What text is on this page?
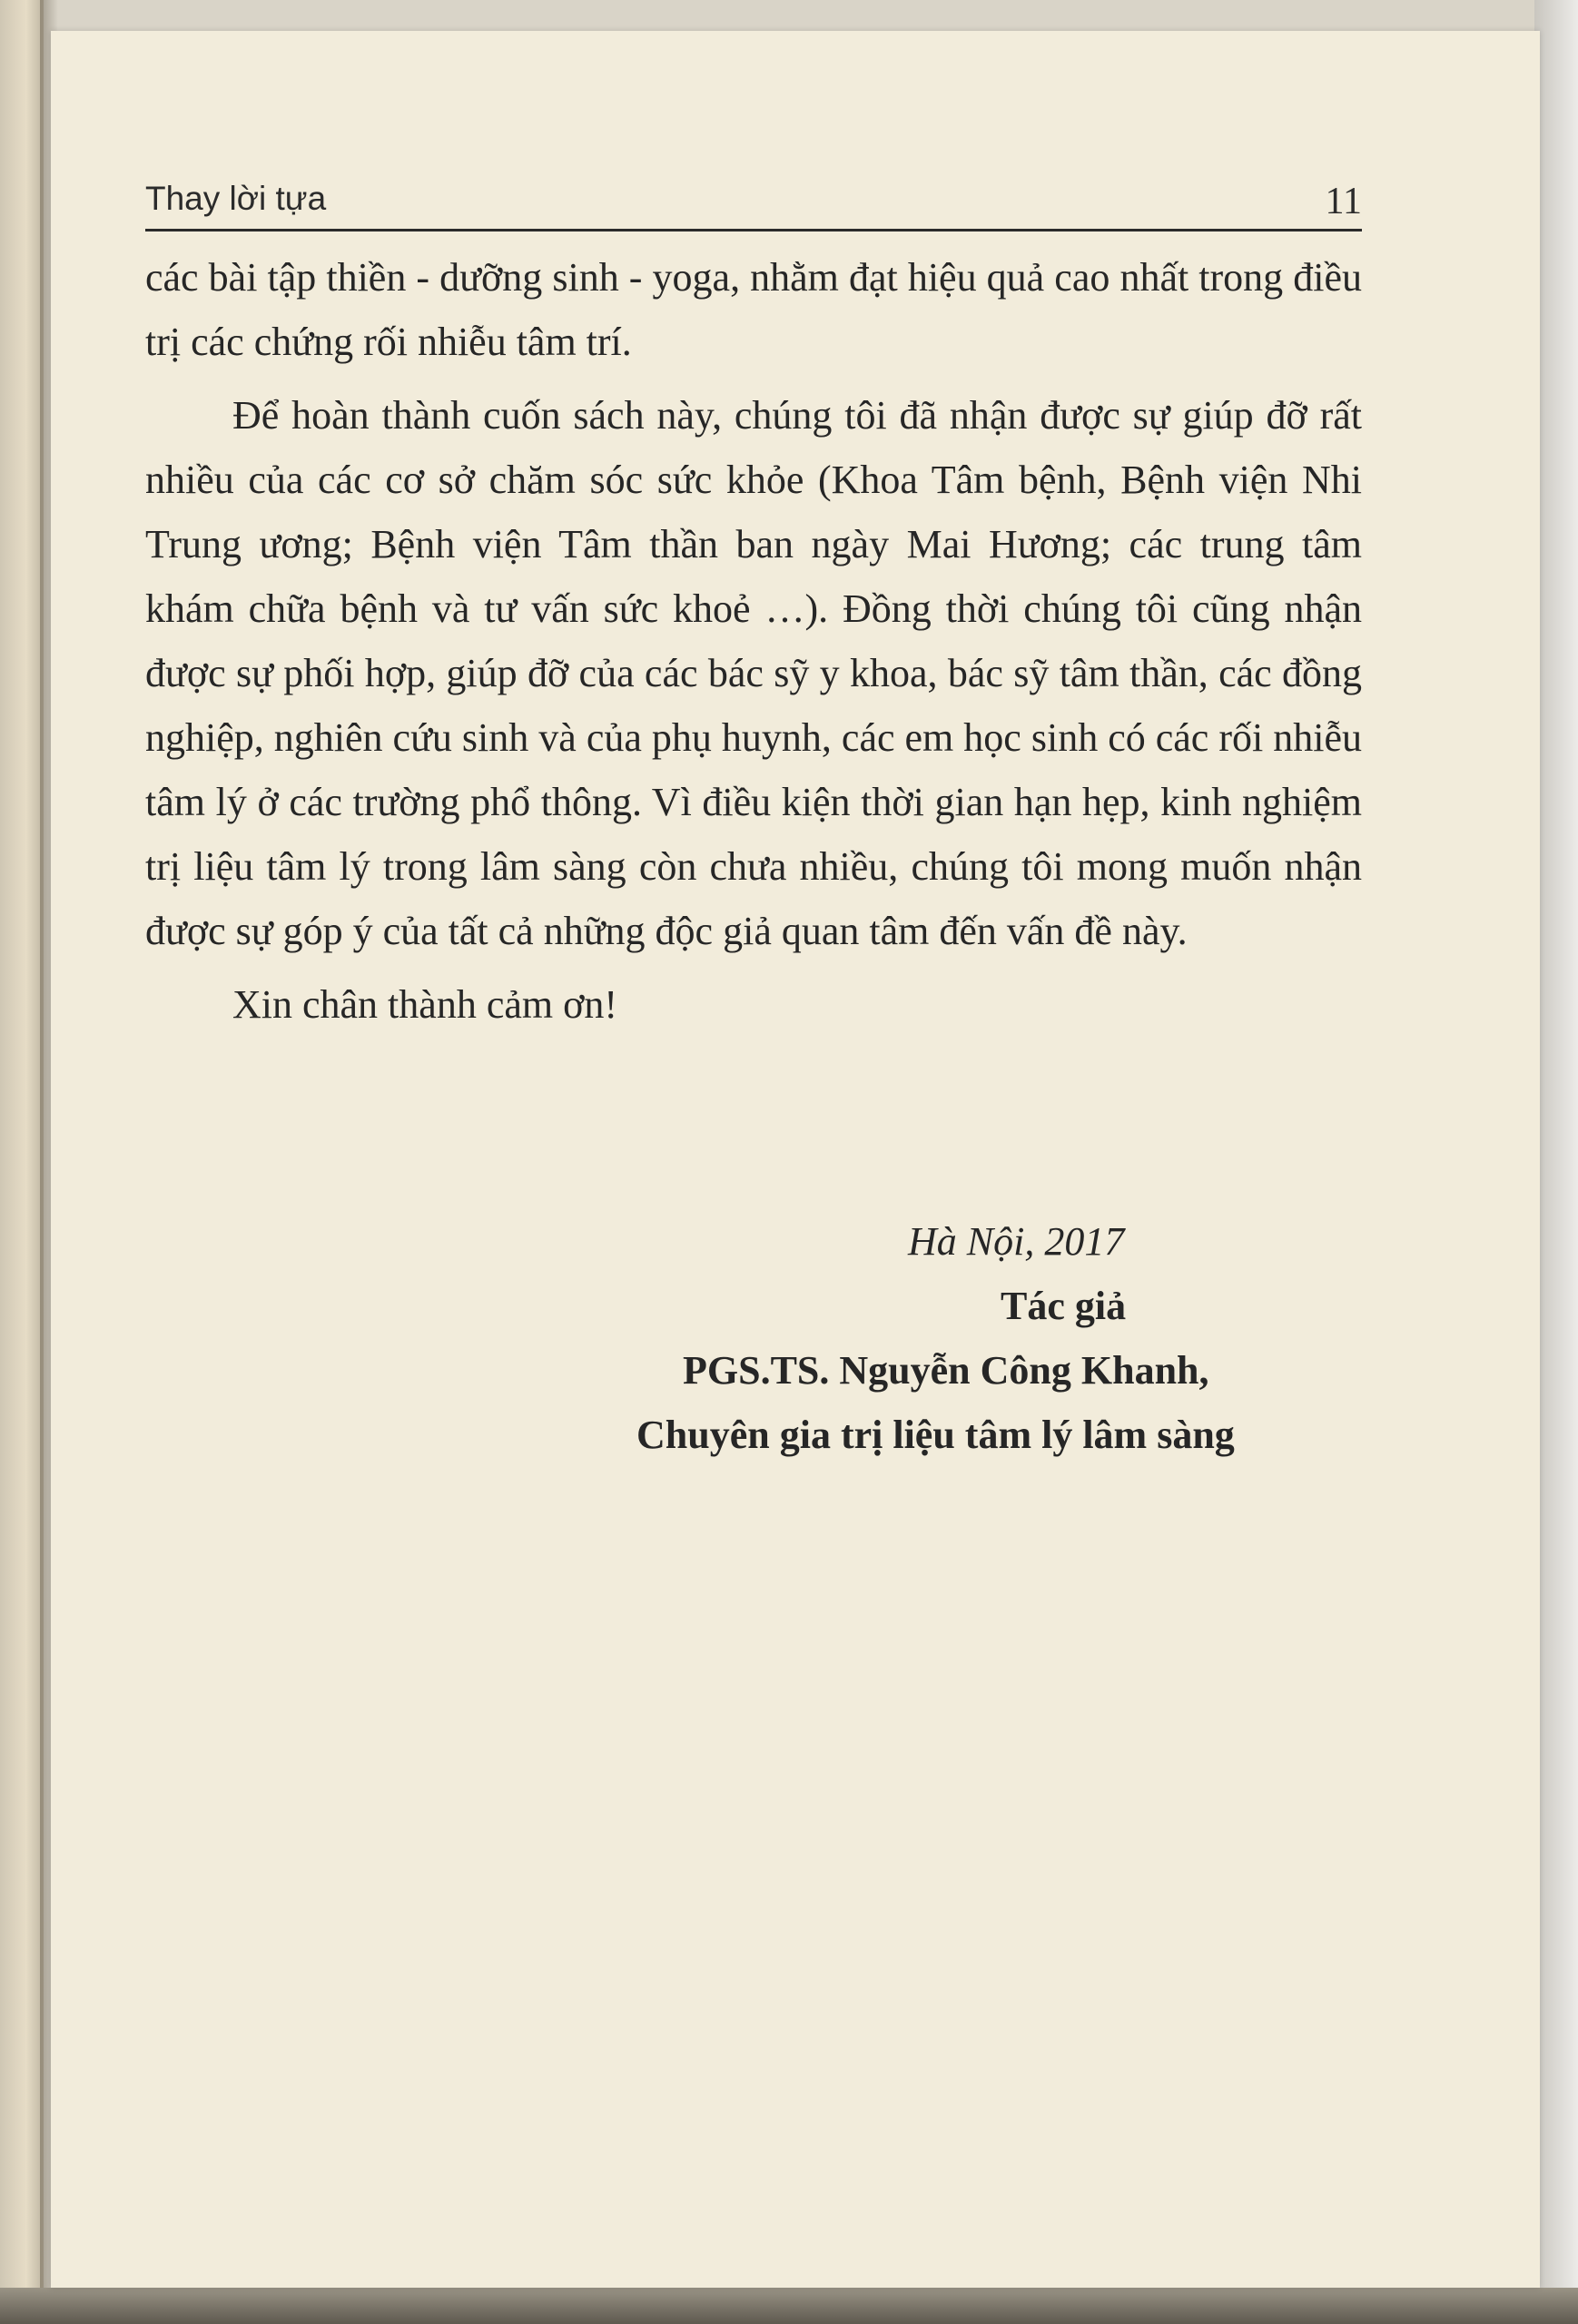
Thay lời tựa	11

các bài tập thiền - dưỡng sinh - yoga, nhằm đạt hiệu quả cao nhất trong điều trị các chứng rối nhiễu tâm trí.

Để hoàn thành cuốn sách này, chúng tôi đã nhận được sự giúp đỡ rất nhiều của các cơ sở chăm sóc sức khỏe (Khoa Tâm bệnh, Bệnh viện Nhi Trung ương; Bệnh viện Tâm thần ban ngày Mai Hương; các trung tâm khám chữa bệnh và tư vấn sức khoẻ …). Đồng thời chúng tôi cũng nhận được sự phối hợp, giúp đỡ của các bác sỹ y khoa, bác sỹ tâm thần, các đồng nghiệp, nghiên cứu sinh và của phụ huynh, các em học sinh có các rối nhiễu tâm lý ở các trường phổ thông. Vì điều kiện thời gian hạn hẹp, kinh nghiệm trị liệu tâm lý trong lâm sàng còn chưa nhiều, chúng tôi mong muốn nhận được sự góp ý của tất cả những độc giả quan tâm đến vấn đề này.

Xin chân thành cảm ơn!

Hà Nội, 2017
Tác giả
PGS.TS. Nguyễn Công Khanh,
Chuyên gia trị liệu tâm lý lâm sàng
